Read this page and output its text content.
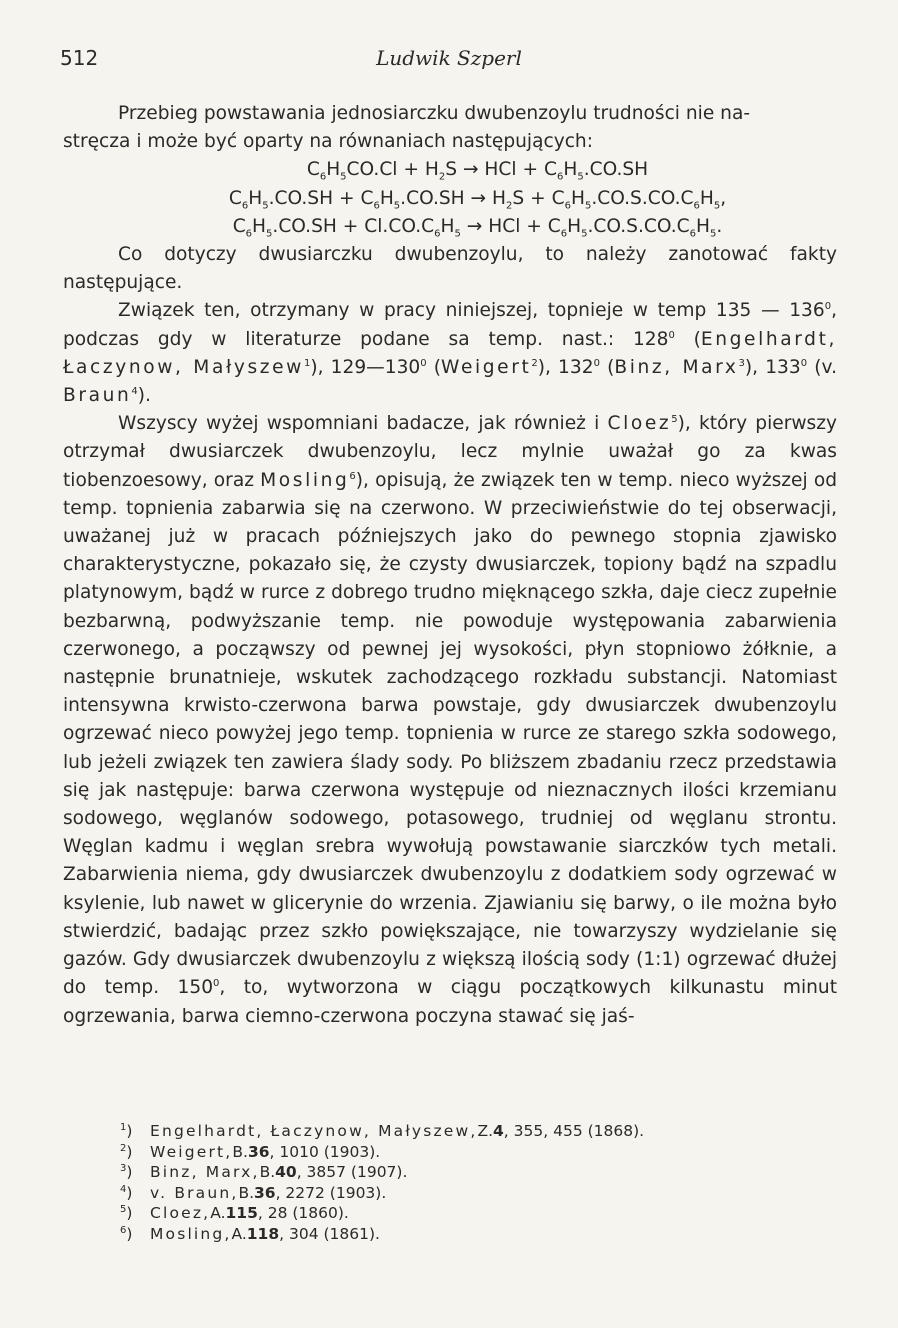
512	Ludwik Szperl

Przebieg powstawania jednosiarczku dwubenzoylu trudności nie na-
stręcza i może być oparty na równaniach następujących:

$C_6H_5CO.Cl + H_2S$ → HCl + $C_6H_5.CO.SH$

$C_6H_5.CO.SH + C_6H_5.CO.SH \to H_2S + C_6H_5.CO.S.CO.C_6H_5$,

$C_6H_5.CO.SH + Cl.CO.C_6H_5$ → HCl + $C_6H_5.CO.S.CO.C_6H_5$.

Co dotyczy dwusiarczku dwubenzoylu, to należy zanotować fakty następujące.

Związek ten, otrzymany w pracy niniejszej, topnieje w temp 135 — $136^0$, podczas gdy w literaturze podane sa temp. nast.: $128^0$ (Engelhardt, Łaczynow, Małyszew$^1$), $129—130^0$ (Weigert$^2$), $132^0$ (Binz, Marx$^3$), $133^0$ (v. Braun$^4$).

Wszyscy wyżej wspomniani badacze, jak również i Cloez$^5$), który pierwszy otrzymał dwusiarczek dwubenzoylu, lecz mylnie uważał go za kwas tiobenzoesowy, oraz Mosling$^6$), opisują, że związek ten w temp. nieco wyższej od temp. topnienia zabarwia się na czerwono. W przeciwieństwie do tej obserwacji, uważanej już w pracach późniejszych jako do pewnego stopnia zjawisko charakterystyczne, pokazało się, że czysty dwusiarczek, topiony bądź na szpadlu platynowym, bądź w rurce z dobrego trudno mięknącego szkła, daje ciecz zupełnie bezbarwną, podwyższanie temp. nie powoduje występowania zabarwienia czerwonego, a począwszy od pewnej jej wysokości, płyn stopniowo żółknie, a następnie brunatnieje, wskutek zachodzącego rozkładu substancji. Natomiast intensywna krwisto-czerwona barwa powstaje, gdy dwusiarczek dwubenzoylu ogrzewać nieco powyżej jego temp. topnienia w rurce ze starego szkła sodowego, lub jeżeli związek ten zawiera ślady sody. Po bliższem zbadaniu rzecz przedstawia się jak następuje: barwa czerwona występuje od nieznacznych ilości krzemianu sodowego, węglanów sodowego, potasowego, trudniej od węglanu strontu. Węglan kadmu i węglan srebra wywołują powstawanie siarczków tych metali. Zabarwienia niema, gdy dwusiarczek dwubenzoylu z dodatkiem sody ogrzewać w ksylenie, lub nawet w glicerynie do wrzenia. Zjawianiu się barwy, o ile można było stwierdzić, badając przez szkło powiększające, nie towarzyszy wydzielanie się gazów. Gdy dwusiarczek dwubenzoylu z większą ilością sody (1:1) ogrzewać dłużej do temp. $150^0$, to, wytworzona w ciągu początkowych kilkunastu minut ogrzewania, barwa ciemno-czerwona poczyna stawać się jaś-

$^1$)	Engelhardt, Łaczynow, Małyszew, Z. 4 , 355, 455 (1868).
$^2$)	Weigert, B. 36 , 1010 (1903).
$^3$)	Binz, Marx, B. 40 , 3857 (1907).
$^4$)	v. Braun, B. 36 , 2272 (1903).
$^5$)	Cloez, A. 115 , 28 (1860).
$^6$)	Mosling, A. 118 , 304 (1861).
